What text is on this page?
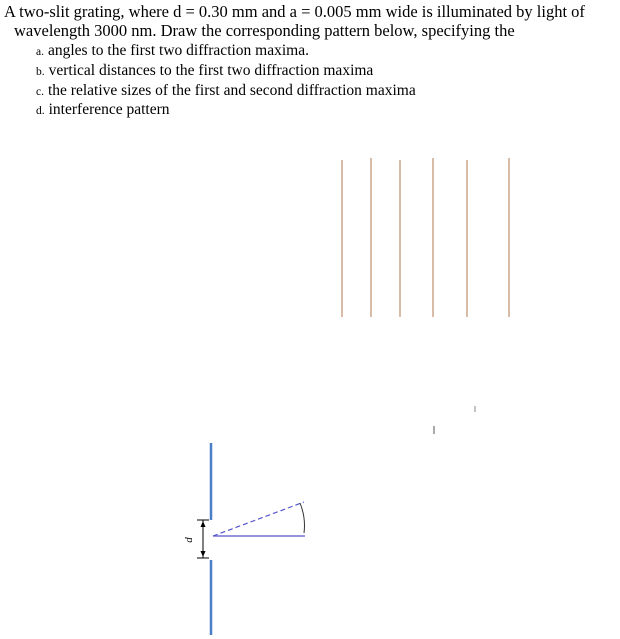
A two-slit grating, where d = 0.30 mm and a = 0.005 mm wide is illuminated by light of
wavelength 3000 nm. Draw the corresponding pattern below, specifying the
a. angles to the first two diffraction maxima.
b. vertical distances to the first two diffraction maxima
c. the relative sizes of the first and second diffraction maxima
d. interference pattern
d
